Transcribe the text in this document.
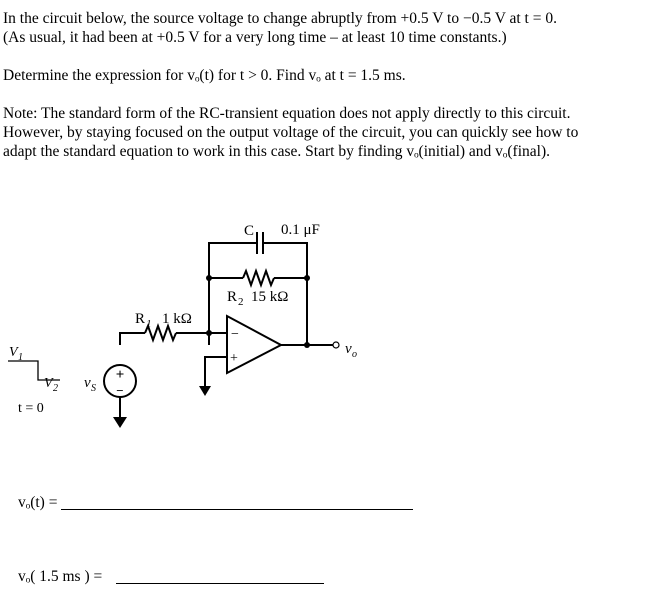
In the circuit below, the source voltage to change abruptly from +0.5 V to −0.5 V at t = 0.
(As usual, it had been at +0.5 V for a very long time – at least 10 time constants.)
Determine the expression for vₒ(t) for t > 0. Find vₒ at t = 1.5 ms.
Note: The standard form of the RC-transient equation does not apply directly to this circuit.
However, by staying focused on the output voltage of the circuit, you can quickly see how to
adapt the standard equation to work in this case. Start by finding vₒ(initial) and vₒ(final).
C 0.1 μF
R 2 15 kΩ
R 1 1 kΩ
−
+
v o
v S
+
−
V 1
V 2
t = 0
vₒ(t) =
vₒ( 1.5 ms ) =
